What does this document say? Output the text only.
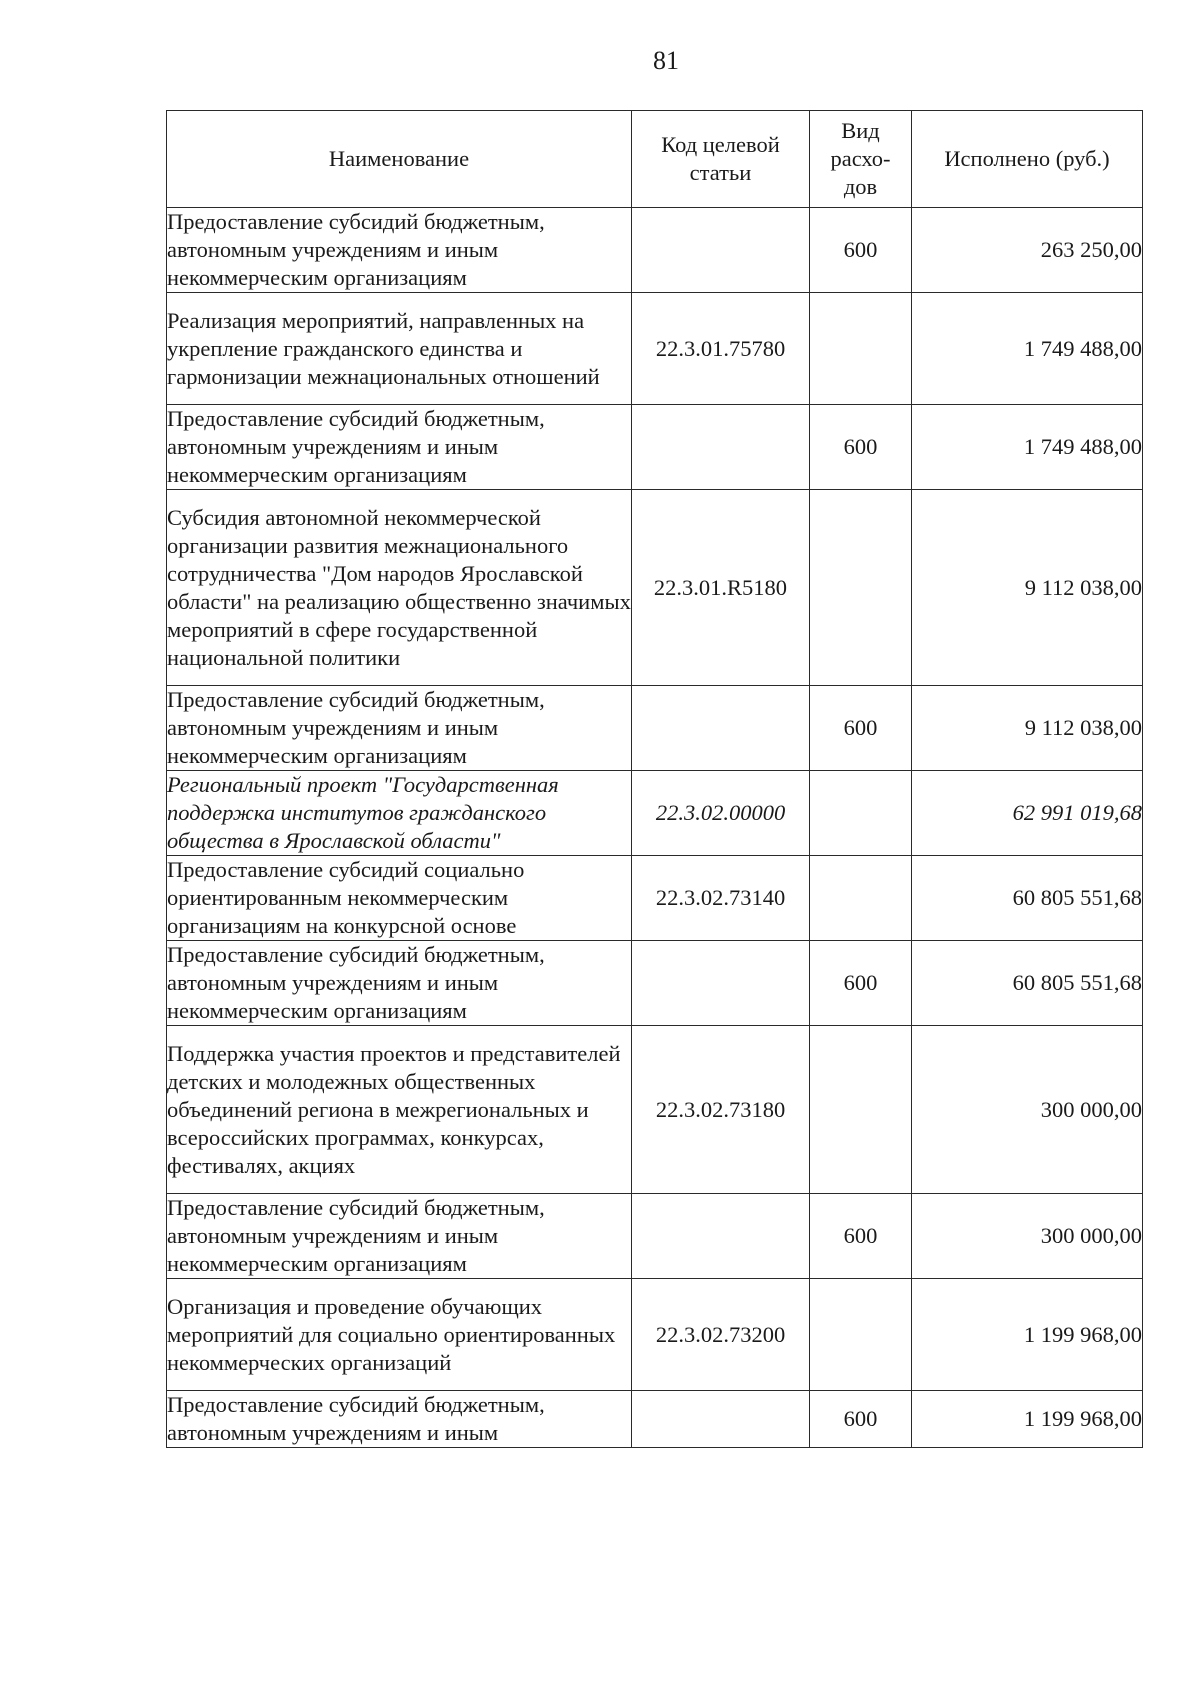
81
Наименование	Код целевой статьи	Вид расхо-дов	Исполнено (руб.)

Предоставление субсидий бюджетным, автономным учреждениям и иным некоммерческим организациям		600	263 250,00
Реализация мероприятий, направленных на укрепление гражданского единства и гармонизации межнациональных отношений	22.3.01.75780		1 749 488,00
Предоставление субсидий бюджетным, автономным учреждениям и иным некоммерческим организациям		600	1 749 488,00
Субсидия автономной некоммерческой организации развития межнационального сотрудничества "Дом народов Ярославской области" на реализацию общественно значимых мероприятий в сфере государственной национальной политики	22.3.01.R5180		9 112 038,00
Предоставление субсидий бюджетным, автономным учреждениям и иным некоммерческим организациям		600	9 112 038,00
Региональный проект "Государственная поддержка институтов гражданского общества в Ярославской области"	22.3.02.00000		62 991 019,68
Предоставление субсидий социально ориентированным некоммерческим организациям на конкурсной основе	22.3.02.73140		60 805 551,68
Предоставление субсидий бюджетным, автономным учреждениям и иным некоммерческим организациям		600	60 805 551,68
Поддержка участия проектов и представителей детских и молодежных общественных объединений региона в межрегиональных и всероссийских программах, конкурсах, фестивалях, акциях	22.3.02.73180		300 000,00
Предоставление субсидий бюджетным, автономным учреждениям и иным некоммерческим организациям		600	300 000,00
Организация и проведение обучающих мероприятий для социально ориентированных некоммерческих организаций	22.3.02.73200		1 199 968,00
Предоставление субсидий бюджетным, автономным учреждениям и иным		600	1 199 968,00
